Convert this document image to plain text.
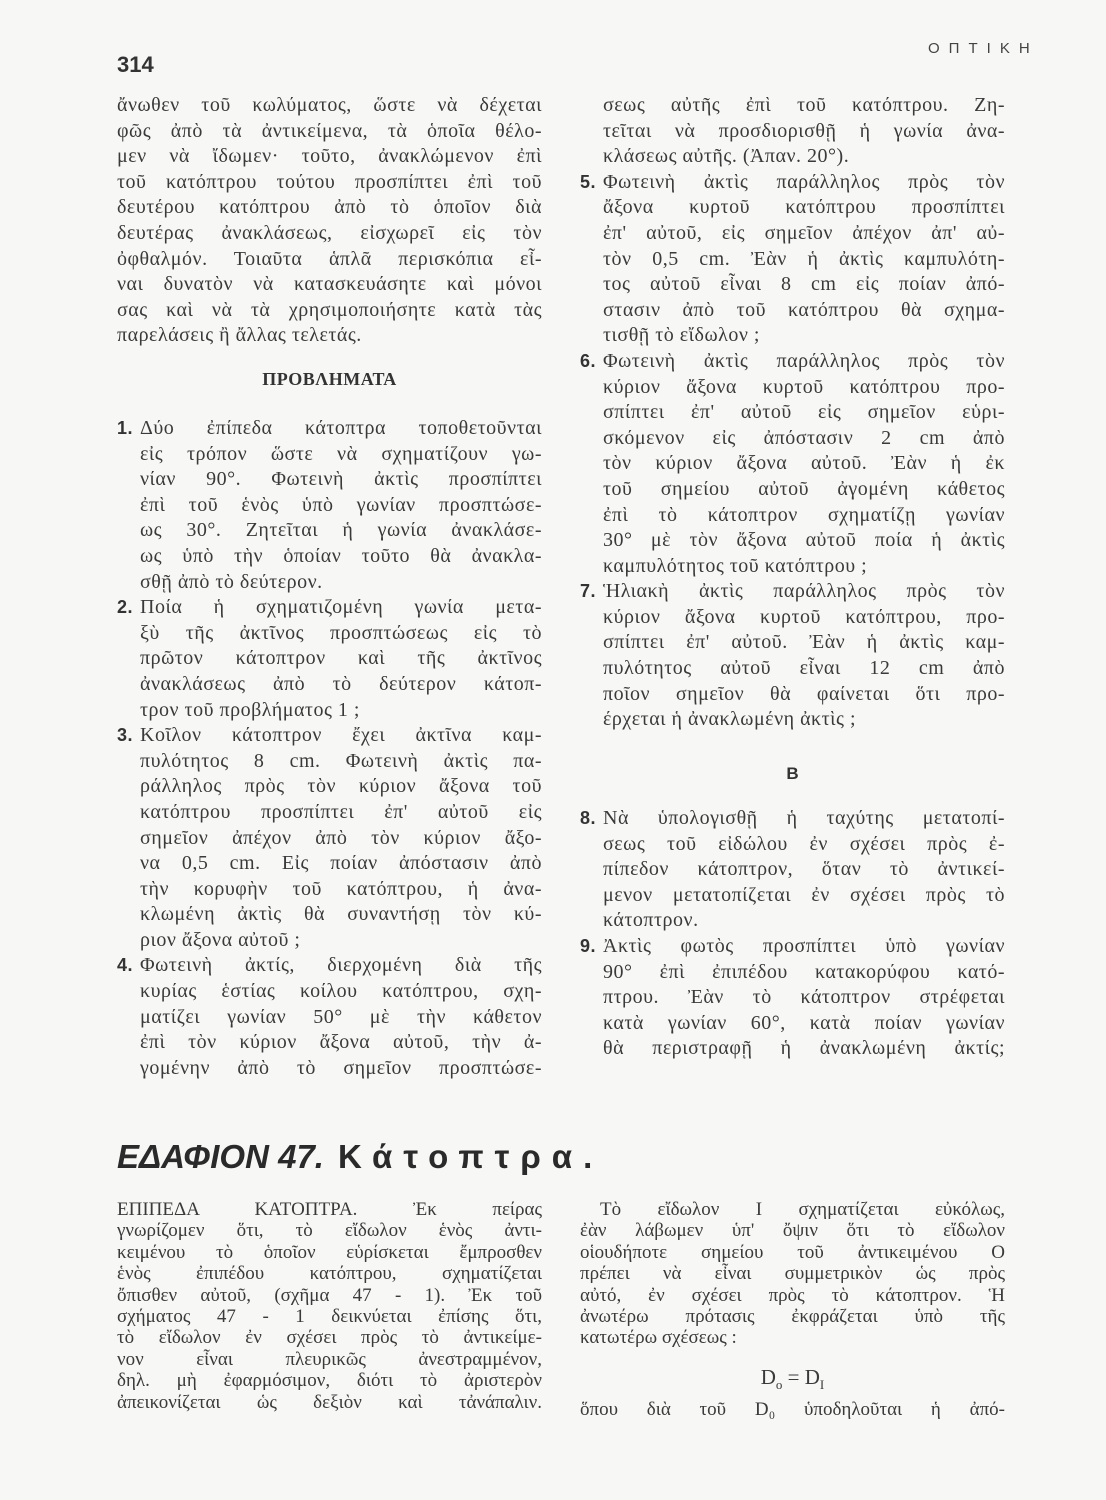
314
ΟΠΤΙΚΗ
ἄνωθεν τοῦ κωλύματος, ὥστε νὰ δέχεται
φῶς ἀπὸ τὰ ἀντικείμενα, τὰ ὁποῖα θέλο-
μεν νὰ ἴδωμεν· τοῦτο, ἀνακλώμενον ἐπὶ
τοῦ κατόπτρου τούτου προσπίπτει ἐπὶ τοῦ
δευτέρου κατόπτρου ἀπὸ τὸ ὁποῖον διὰ
δευτέρας ἀνακλάσεως, εἰσχωρεῖ εἰς τὸν
ὀφθαλμόν. Τοιαῦτα ἁπλᾶ περισκόπια εἶ-
ναι δυνατὸν νὰ κατασκευάσητε καὶ μόνοι
σας καὶ νὰ τὰ χρησιμοποιήσητε κατὰ τὰς
παρελάσεις ἢ ἄλλας τελετάς.
ΠΡΟΒΛΗΜΑΤΑ
1. Δύο ἐπίπεδα κάτοπτρα τοποθετοῦνται
εἰς τρόπον ὥστε νὰ σχηματίζουν γω-
νίαν 90°. Φωτεινὴ ἀκτὶς προσπίπτει
ἐπὶ τοῦ ἑνὸς ὑπὸ γωνίαν προσπτώσε-
ως 30°. Ζητεῖται ἡ γωνία ἀνακλάσε-
ως ὑπὸ τὴν ὁποίαν τοῦτο θὰ ἀνακλα-
σθῇ ἀπὸ τὸ δεύτερον.
2. Ποία ἡ σχηματιζομένη γωνία μετα-
ξὺ τῆς ἀκτῖνος προσπτώσεως εἰς τὸ
πρῶτον κάτοπτρον καὶ τῆς ἀκτῖνος
ἀνακλάσεως ἀπὸ τὸ δεύτερον κάτοπ-
τρον τοῦ προβλήματος 1 ;
3. Κοῖλον κάτοπτρον ἔχει ἀκτῖνα καμ-
πυλότητος 8 cm. Φωτεινὴ ἀκτὶς πα-
ράλληλος πρὸς τὸν κύριον ἄξονα τοῦ
κατόπτρου προσπίπτει ἐπ' αὐτοῦ εἰς
σημεῖον ἀπέχον ἀπὸ τὸν κύριον ἄξο-
να 0,5 cm. Εἰς ποίαν ἀπόστασιν ἀπὸ
τὴν κορυφὴν τοῦ κατόπτρου, ἡ ἀνα-
κλωμένη ἀκτὶς θὰ συναντήσῃ τὸν κύ-
ριον ἄξονα αὐτοῦ ;
4. Φωτεινὴ ἀκτίς, διερχομένη διὰ τῆς
κυρίας ἑστίας κοίλου κατόπτρου, σχη-
ματίζει γωνίαν 50° μὲ τὴν κάθετον
ἐπὶ τὸν κύριον ἄξονα αὐτοῦ, τὴν ἀ-
γομένην ἀπὸ τὸ σημεῖον προσπτώσε-
σεως αὐτῆς ἐπὶ τοῦ κατόπτρου. Ζη-
τεῖται νὰ προσδιορισθῇ ἡ γωνία ἀνα-
κλάσεως αὐτῆς. (Ἀπαν. 20°).
5. Φωτεινὴ ἀκτὶς παράλληλος πρὸς τὸν
ἄξονα κυρτοῦ κατόπτρου προσπίπτει
ἐπ' αὐτοῦ, εἰς σημεῖον ἀπέχον ἀπ' αὐ-
τὸν 0,5 cm. Ἐὰν ἡ ἀκτὶς καμπυλότη-
τος αὐτοῦ εἶναι 8 cm εἰς ποίαν ἀπό-
στασιν ἀπὸ τοῦ κατόπτρου θὰ σχημα-
τισθῇ τὸ εἴδωλον ;
6. Φωτεινὴ ἀκτὶς παράλληλος πρὸς τὸν
κύριον ἄξονα κυρτοῦ κατόπτρου προ-
σπίπτει ἐπ' αὐτοῦ εἰς σημεῖον εὑρι-
σκόμενον εἰς ἀπόστασιν 2 cm ἀπὸ
τὸν κύριον ἄξονα αὐτοῦ. Ἐὰν ἡ ἐκ
τοῦ σημείου αὐτοῦ ἀγομένη κάθετος
ἐπὶ τὸ κάτοπτρον σχηματίζῃ γωνίαν
30° μὲ τὸν ἄξονα αὐτοῦ ποία ἡ ἀκτὶς
καμπυλότητος τοῦ κατόπτρου ;
7. Ἡλιακὴ ἀκτὶς παράλληλος πρὸς τὸν
κύριον ἄξονα κυρτοῦ κατόπτρου, προ-
σπίπτει ἐπ' αὐτοῦ. Ἐὰν ἡ ἀκτὶς καμ-
πυλότητος αὐτοῦ εἶναι 12 cm ἀπὸ
ποῖον σημεῖον θὰ φαίνεται ὅτι προ-
έρχεται ἡ ἀνακλωμένη ἀκτὶς ;
Β
8. Νὰ ὑπολογισθῇ ἡ ταχύτης μετατοπί-
σεως τοῦ εἰδώλου ἐν σχέσει πρὸς ἐ-
πίπεδον κάτοπτρον, ὅταν τὸ ἀντικεί-
μενον μετατοπίζεται ἐν σχέσει πρὸς τὸ
κάτοπτρον.
9. Ἀκτὶς φωτὸς προσπίπτει ὑπὸ γωνίαν
90° ἐπὶ ἐπιπέδου κατακορύφου κατό-
πτρου. Ἐὰν τὸ κάτοπτρον στρέφεται
κατὰ γωνίαν 60°, κατὰ ποίαν γωνίαν
θὰ περιστραφῇ ἡ ἀνακλωμένη ἀκτίς;
ΕΔΑΦΙΟΝ 47. Κάτοπτρα.
ΕΠΙΠΕΔΑ ΚΑΤΟΠΤΡΑ. Ἐκ πείρας
γνωρίζομεν ὅτι, τὸ εἴδωλον ἑνὸς ἀντι-
κειμένου τὸ ὁποῖον εὑρίσκεται ἔμπροσθεν
ἑνὸς ἐπιπέδου κατόπτρου, σχηματίζεται
ὄπισθεν αὐτοῦ, (σχῆμα 47 - 1). Ἐκ τοῦ
σχήματος 47 - 1 δεικνύεται ἐπίσης ὅτι,
τὸ εἴδωλον ἐν σχέσει πρὸς τὸ ἀντικείμε-
νον εἶναι πλευρικῶς ἀνεστραμμένον,
δηλ. μὴ ἐφαρμόσιμον, διότι τὸ ἀριστερὸν
ἀπεικονίζεται ὡς δεξιὸν καὶ τἀνάπαλιν.
Τὸ εἴδωλον Ι σχηματίζεται εὐκόλως,
ἐὰν λάβωμεν ὑπ' ὄψιν ὅτι τὸ εἴδωλον
οἱουδήποτε σημείου τοῦ ἀντικειμένου Ο
πρέπει νὰ εἶναι συμμετρικὸν ὡς πρὸς
αὐτό, ἐν σχέσει πρὸς τὸ κάτοπτρον. Ἡ
ἀνωτέρω πρότασις ἐκφράζεται ὑπὸ τῆς
κατωτέρω σχέσεως :
$D_o = D_I$
ὅπου διὰ τοῦ D₀ ὑποδηλοῦται ἡ ἀπό-
